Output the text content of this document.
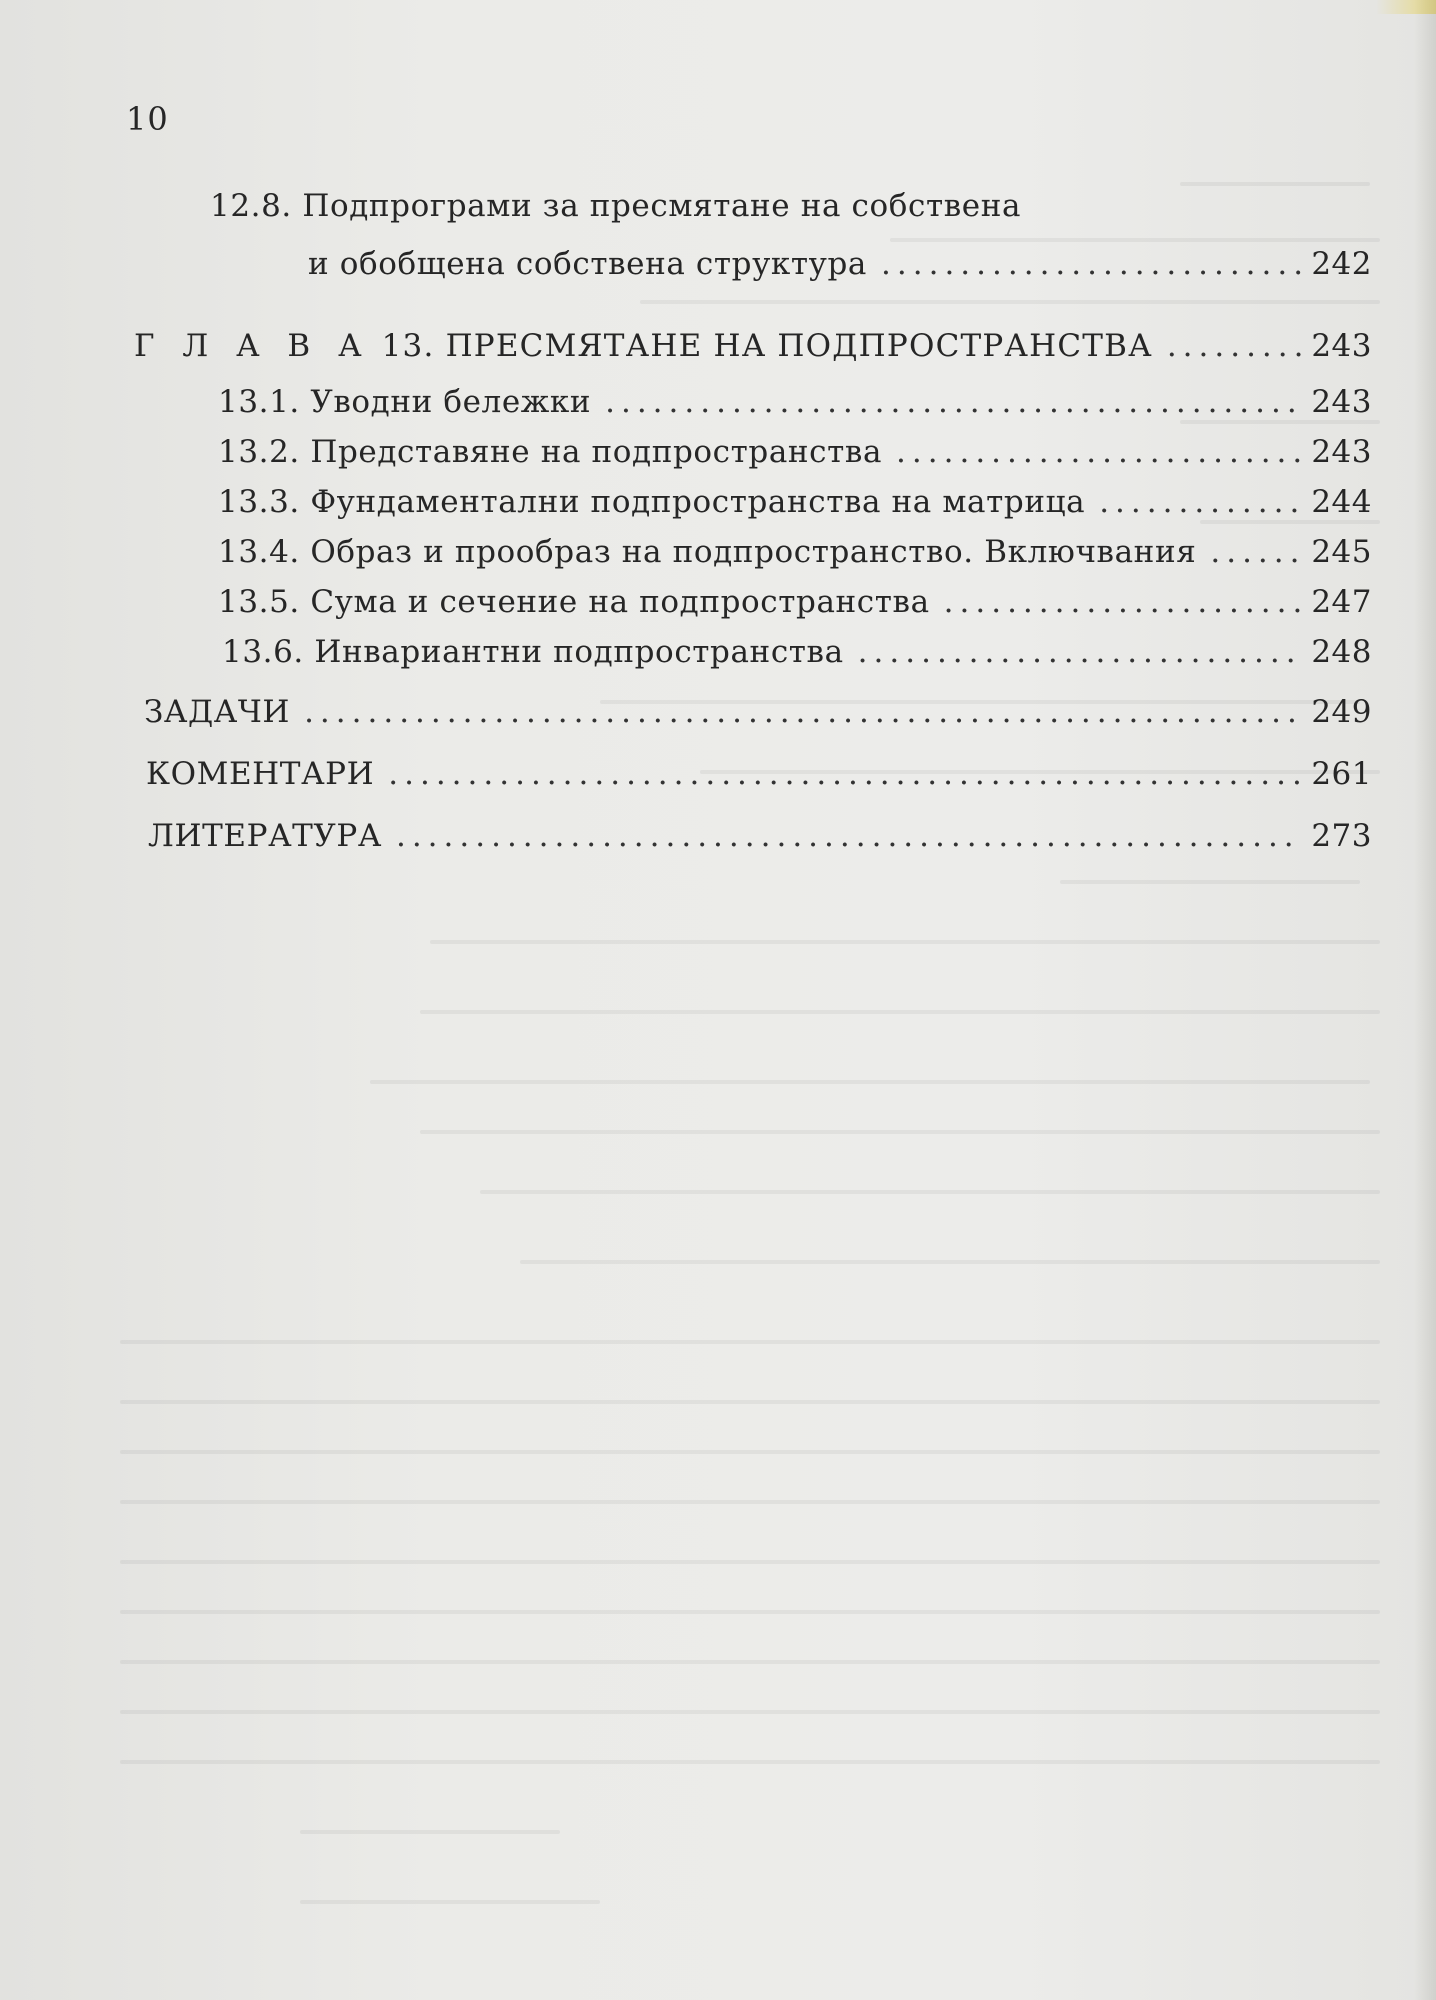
10
12.8. Подпрограми за пресмятане на собствена
и обобщена собствена структура .....	242
Г Л А В А 13. ПРЕСМЯТАНЕ НА ПОДПРОСТРАНСТВА .....	243
13.1. Уводни бележки .....	243
13.2. Представяне на подпространства .....	243
13.3. Фундаментални подпространства на матрица .....	244
13.4. Образ и прообраз на подпространство. Включвания .....	245
13.5. Сума и сечение на подпространства .....	247
13.6. Инвариантни подпространства .....	248
ЗАДАЧИ .....	249
КОМЕНТАРИ .....	261
ЛИТЕРАТУРА .....	273
